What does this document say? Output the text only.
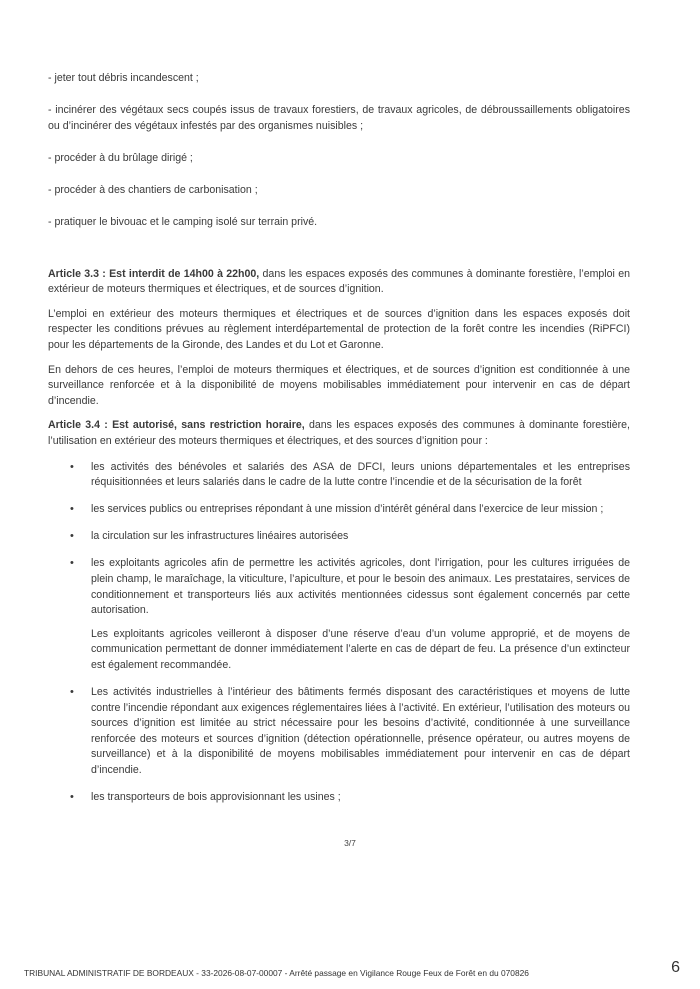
- jeter tout débris incandescent ;

- incinérer des végétaux secs coupés issus de travaux forestiers, de travaux agricoles, de débroussaillements obligatoires ou d’incinérer des végétaux infestés par des organismes nuisibles ;

- procéder à du brûlage dirigé ;

- procéder à des chantiers de carbonisation ;

- pratiquer le bivouac et le camping isolé sur terrain privé.

Article 3.3 : Est interdit de 14h00 à 22h00, dans les espaces exposés des communes à dominante forestière, l’emploi en extérieur de moteurs thermiques et électriques, et de sources d’ignition.

L’emploi en extérieur des moteurs thermiques et électriques et de sources d’ignition dans les espaces exposés doit respecter les conditions prévues au règlement interdépartemental de protection de la forêt contre les incendies (RiPFCI) pour les départements de la Gironde, des Landes et du Lot et Garonne.

En dehors de ces heures, l’emploi de moteurs thermiques et électriques, et de sources d’ignition est conditionnée à une surveillance renforcée et à la disponibilité de moyens mobilisables immédiatement pour intervenir en cas de départ d’incendie.

Article 3.4 : Est autorisé, sans restriction horaire, dans les espaces exposés des communes à dominante forestière, l’utilisation en extérieur des moteurs thermiques et électriques, et des sources d’ignition pour :

• les activités des bénévoles et salariés des ASA de DFCI, leurs unions départementales et les entreprises réquisitionnées et leurs salariés dans le cadre de la lutte contre l’incendie et de la sécurisation de la forêt
• les services publics ou entreprises répondant à une mission d’intérêt général dans l’exercice de leur mission ;
• la circulation sur les infrastructures linéaires autorisées
• les exploitants agricoles afin de permettre les activités agricoles, dont l’irrigation, pour les cultures irriguées de plein champ, le maraîchage, la viticulture, l’apiculture, et pour le besoin des animaux. Les prestataires, services de conditionnement et transporteurs liés aux activités mentionnées cidessus sont également concernés par cette autorisation.
Les exploitants agricoles veilleront à disposer d’une réserve d’eau d’un volume approprié, et de moyens de communication permettant de donner immédiatement l’alerte en cas de départ de feu. La présence d’un extincteur est également recommandée.
• Les activités industrielles à l’intérieur des bâtiments fermés disposant des caractéristiques et moyens de lutte contre l’incendie répondant aux exigences réglementaires liées à l’activité. En extérieur, l’utilisation des moteurs ou sources d’ignition est limitée au strict nécessaire pour les besoins d’activité, conditionnée à une surveillance renforcée des moteurs et sources d’ignition (détection opérationnelle, présence opérateur, ou autres moyens de surveillance) et à la disponibilité de moyens mobilisables immédiatement pour intervenir en cas de départ d’incendie.
• les transporteurs de bois approvisionnant les usines ;
3/7
TRIBUNAL ADMINISTRATIF DE BORDEAUX - 33-2026-08-07-00007 - Arrêté passage en Vigilance Rouge Feux de Forêt en du 070826	6
